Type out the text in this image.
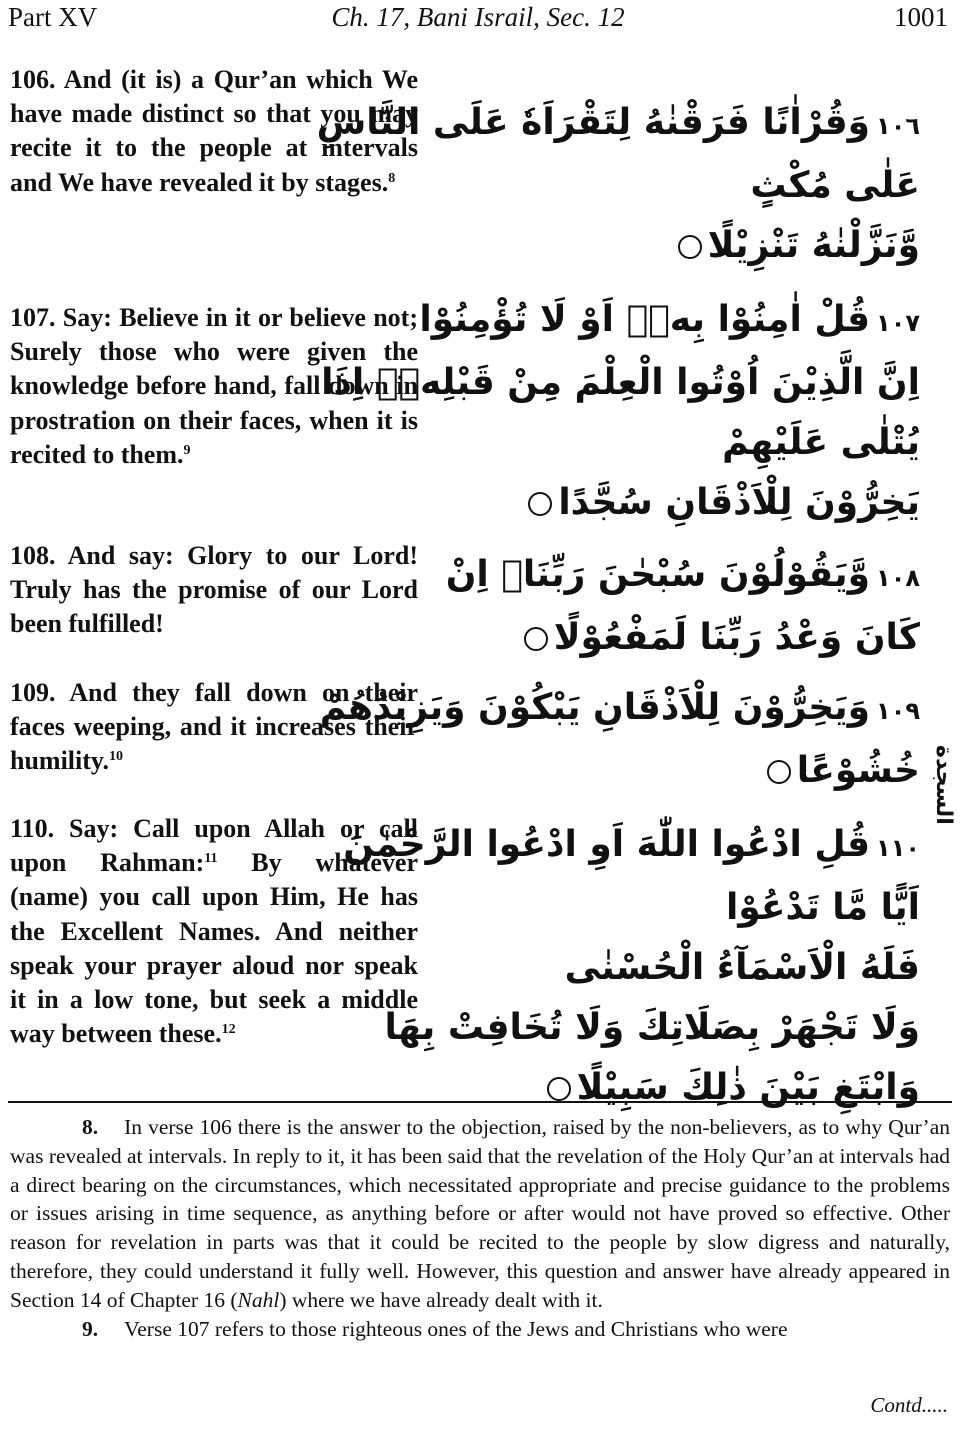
Part XV	Ch. 17, Bani Israil, Sec. 12	1001
106. And (it is) a Qur’an which We have made distinct so that you may recite it to the people at intervals and We have revealed it by stages.$^8$
١٠٦وَقُرْاٰنًا فَرَقْنٰهُ لِتَقْرَاَهٗ عَلَى النَّاسِ
عَلٰى مُكْثٍ
وَّنَزَّلْنٰهُ تَنْزِيْلًا
107. Say: Believe in it or believe not; Surely those who were given the knowledge before hand, fall down in prostration on their faces, when it is recited to them.$^9$
١٠٧قُلْ اٰمِنُوْا بِهٖۤ اَوْ لَا تُؤْمِنُوْا
اِنَّ الَّذِيْنَ اُوْتُوا الْعِلْمَ مِنْ قَبْلِهٖۤ اِذَا
يُتْلٰى عَلَيْهِمْ
يَخِرُّوْنَ لِلْاَذْقَانِ سُجَّدًا
108. And say: Glory to our Lord! Truly has the promise of our Lord been fulfilled!
١٠٨وَّيَقُوْلُوْنَ سُبْحٰنَ رَبِّنَاۤ اِنْ
كَانَ وَعْدُ رَبِّنَا لَمَفْعُوْلًا
109. And they fall down on their faces weeping, and it increases their humility.$^{10}$
١٠٩وَيَخِرُّوْنَ لِلْاَذْقَانِ يَبْكُوْنَ وَيَزِيْدُهُمْ
خُشُوْعًا السجدة
110. Say: Call upon Allah or call upon Rahman:$^{11}$ By whatever (name) you call upon Him, He has the Excellent Names. And neither speak your prayer aloud nor speak it in a low tone, but seek a middle way between these.$^{12}$
١١٠قُلِ ادْعُوا اللّٰهَ اَوِ ادْعُوا الرَّحْمٰنَ
اَيًّا مَّا تَدْعُوْا
فَلَهُ الْاَسْمَآءُ الْحُسْنٰى
وَلَا تَجْهَرْ بِصَلَاتِكَ وَلَا تُخَافِتْ بِهَا
وَابْتَغِ بَيْنَ ذٰلِكَ سَبِيْلًا

8. In verse 106 there is the answer to the objection, raised by the non-believers, as to why Qur’an was revealed at intervals. In reply to it, it has been said that the revelation of the Holy Qur’an at intervals had a direct bearing on the circumstances, which necessitated appropriate and precise guidance to the problems or issues arising in time sequence, as anything before or after would not have proved so effective. Other reason for revelation in parts was that it could be recited to the people by slow digress and naturally, therefore, they could understand it fully well. However, this question and answer have already appeared in Section 14 of Chapter 16 (Nahl) where we have already dealt with it.

9. Verse 107 refers to those righteous ones of the Jews and Christians who were

Contd.....
